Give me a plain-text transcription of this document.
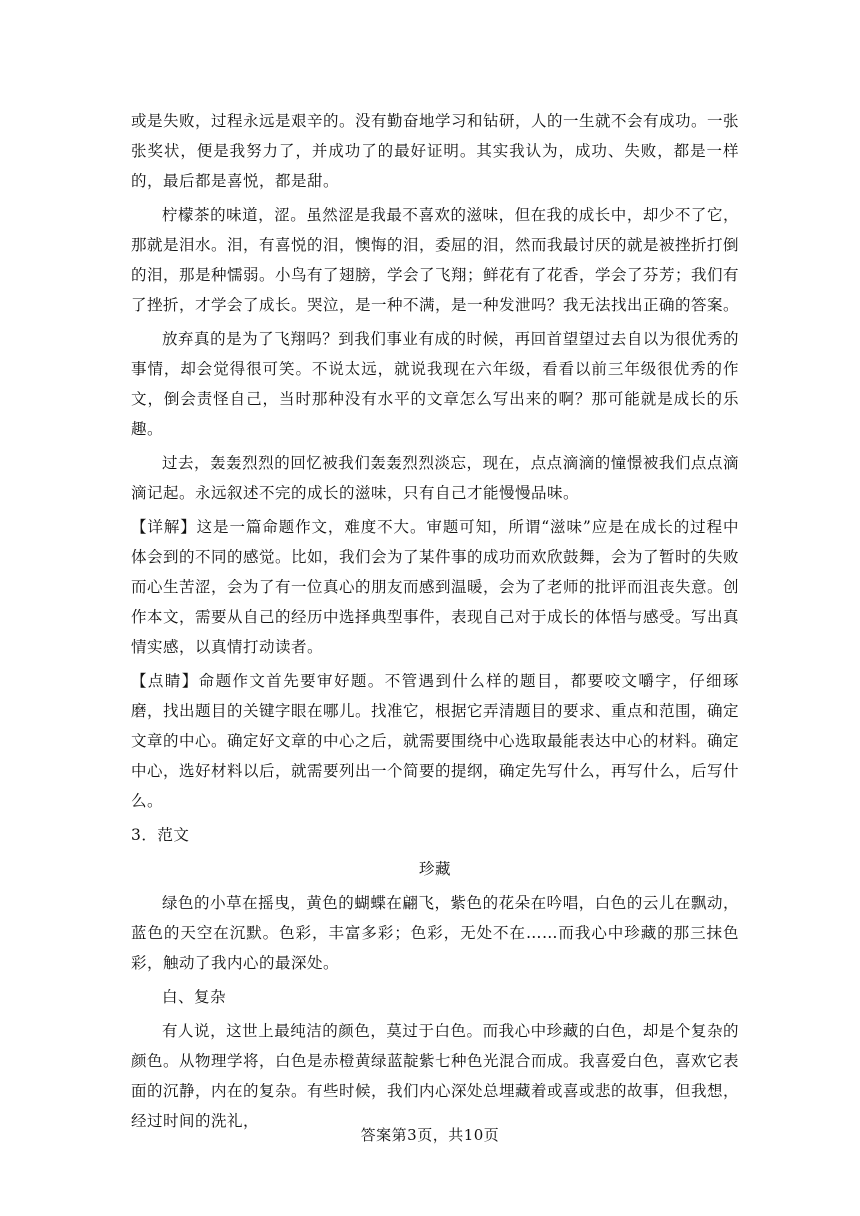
或是失败，过程永远是艰辛的。没有勤奋地学习和钻研，人的一生就不会有成功。一张张奖状，便是我努力了，并成功了的最好证明。其实我认为，成功、失败，都是一样的，最后都是喜悦，都是甜。

柠檬茶的味道，涩。虽然涩是我最不喜欢的滋味，但在我的成长中，却少不了它，那就是泪水。泪，有喜悦的泪，懊悔的泪，委屈的泪，然而我最讨厌的就是被挫折打倒的泪，那是种懦弱。小鸟有了翅膀，学会了飞翔；鲜花有了花香，学会了芬芳；我们有了挫折，才学会了成长。哭泣，是一种不满，是一种发泄吗？我无法找出正确的答案。

放弃真的是为了飞翔吗？到我们事业有成的时候，再回首望望过去自以为很优秀的事情，却会觉得很可笑。不说太远，就说我现在六年级，看看以前三年级很优秀的作文，倒会责怪自己，当时那种没有水平的文章怎么写出来的啊？那可能就是成长的乐趣。

过去，轰轰烈烈的回忆被我们轰轰烈烈淡忘，现在，点点滴滴的憧憬被我们点点滴滴记起。永远叙述不完的成长的滋味，只有自己才能慢慢品味。

【详解】这是一篇命题作文，难度不大。审题可知，所谓“滋味”应是在成长的过程中体会到的不同的感觉。比如，我们会为了某件事的成功而欢欣鼓舞，会为了暂时的失败而心生苦涩，会为了有一位真心的朋友而感到温暖，会为了老师的批评而沮丧失意。创作本文，需要从自己的经历中选择典型事件，表现自己对于成长的体悟与感受。写出真情实感，以真情打动读者。

【点睛】命题作文首先要审好题。不管遇到什么样的题目，都要咬文嚼字，仔细琢磨，找出题目的关键字眼在哪儿。找准它，根据它弄清题目的要求、重点和范围，确定文章的中心。确定好文章的中心之后，就需要围绕中心选取最能表达中心的材料。确定中心，选好材料以后，就需要列出一个简要的提纲，确定先写什么，再写什么，后写什么。

3．范文

珍藏

绿色的小草在摇曳，黄色的蝴蝶在翩飞，紫色的花朵在吟唱，白色的云儿在飘动，蓝色的天空在沉默。色彩，丰富多彩；色彩，无处不在……而我心中珍藏的那三抹色彩，触动了我内心的最深处。

白、复杂

有人说，这世上最纯洁的颜色，莫过于白色。而我心中珍藏的白色，却是个复杂的颜色。从物理学将，白色是赤橙黄绿蓝靛紫七种色光混合而成。我喜爱白色，喜欢它表面的沉静，内在的复杂。有些时候，我们内心深处总埋藏着或喜或悲的故事，但我想，经过时间的洗礼，

答案第3页，共10页
